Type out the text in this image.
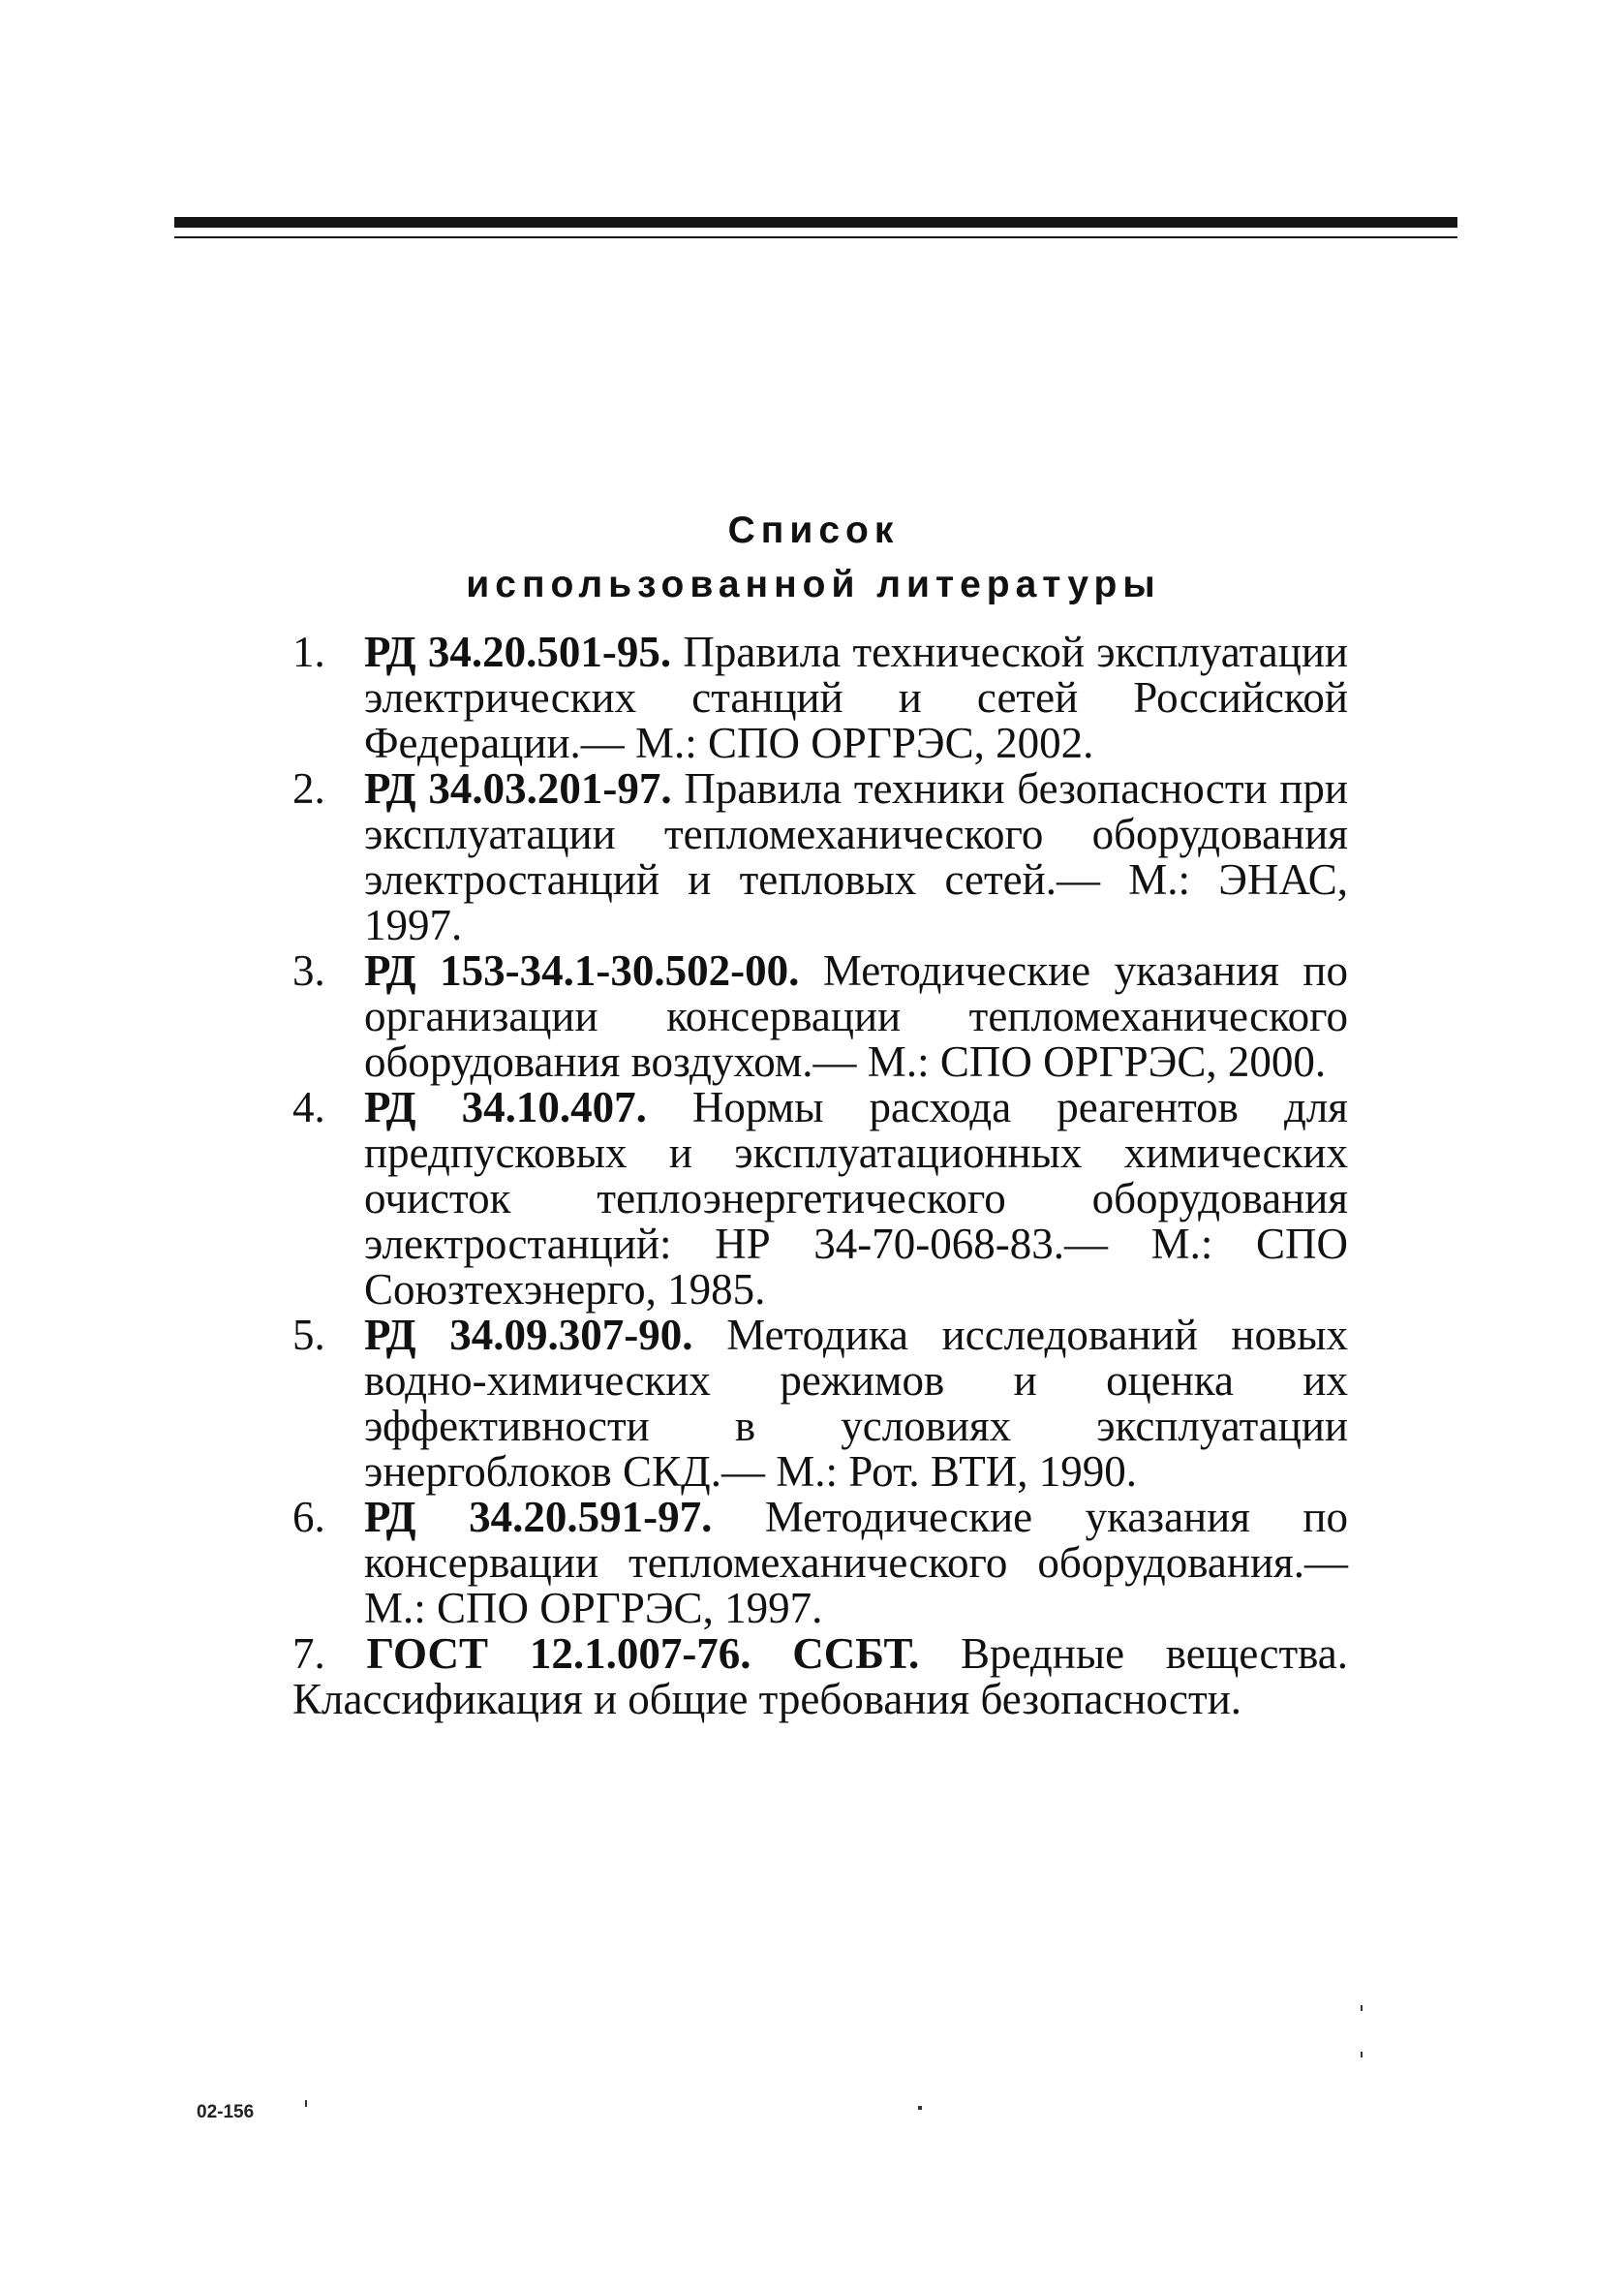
Список
использованной литературы
1. РД 34.20.501-95. Правила технической эксплуатации электрических станций и сетей Российской Федерации.— М.: СПО ОРГРЭС, 2002.
2. РД 34.03.201-97. Правила техники безопасности при эксплуатации тепломеханического оборудования электростанций и тепловых сетей.— М.: ЭНАС, 1997.
3. РД 153-34.1-30.502-00. Методические указания по организации консервации тепломеханического оборудования воздухом.— М.: СПО ОРГРЭС, 2000.
4. РД 34.10.407. Нормы расхода реагентов для предпусковых и эксплуатационных химических очисток теплоэнергетического оборудования электростанций: НР 34-70-068-83.— М.: СПО Союзтехэнерго, 1985.
5. РД 34.09.307-90. Методика исследований новых водно-химических режимов и оценка их эффективности в условиях эксплуатации энергоблоков СКД.— М.: Рот. ВТИ, 1990.
6. РД 34.20.591-97. Методические указания по консервации тепломеханического оборудования.— М.: СПО ОРГРЭС, 1997.
7. ГОСТ 12.1.007-76. ССБТ. Вредные вещества. Классификация и общие требования безопасности.
02-156
